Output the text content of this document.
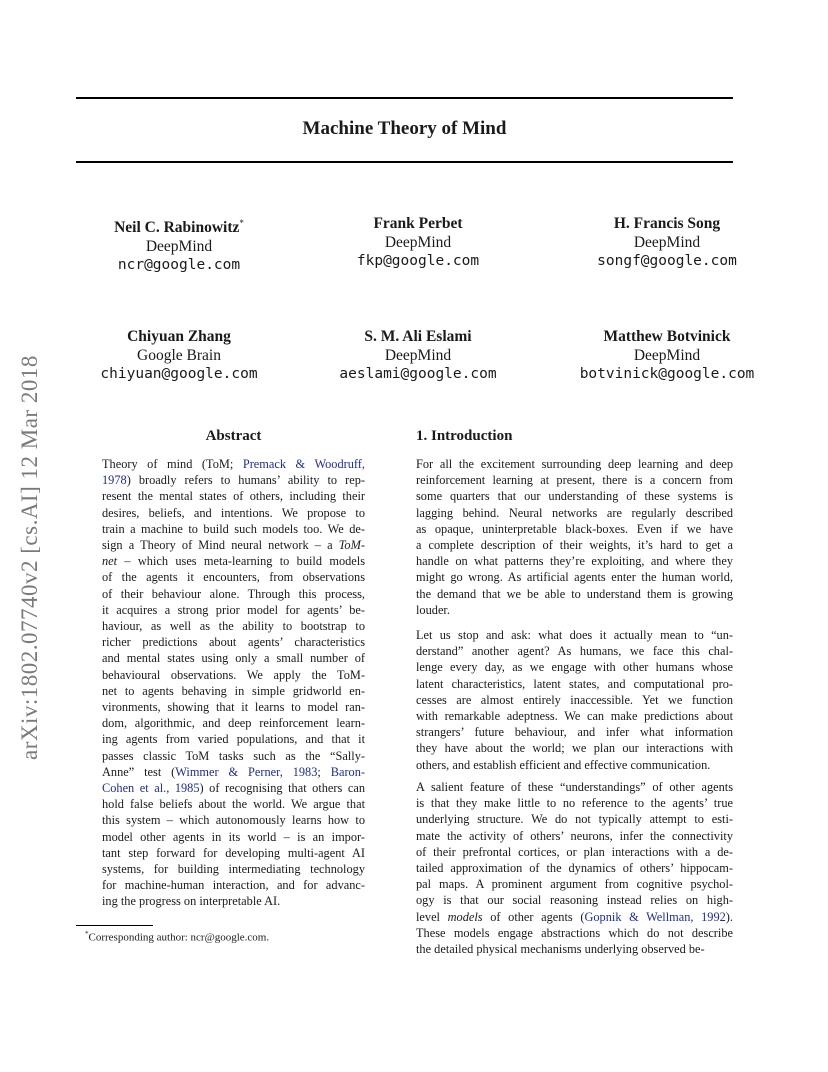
Machine Theory of Mind
arXiv:1802.07740v2 [cs.AI] 12 Mar 2018
Neil C. Rabinowitz*
DeepMind
ncr@google.com
Frank Perbet
DeepMind
fkp@google.com
H. Francis Song
DeepMind
songf@google.com
Chiyuan Zhang
Google Brain
chiyuan@google.com
S. M. Ali Eslami
DeepMind
aeslami@google.com
Matthew Botvinick
DeepMind
botvinick@google.com
Abstract
Theory of mind (ToM; Premack & Woodruff,
1978) broadly refers to humans’ ability to rep-
resent the mental states of others, including their
desires, beliefs, and intentions. We propose to
train a machine to build such models too. We de-
sign a Theory of Mind neural network – a ToM-
net – which uses meta-learning to build models
of the agents it encounters, from observations
of their behaviour alone. Through this process,
it acquires a strong prior model for agents’ be-
haviour, as well as the ability to bootstrap to
richer predictions about agents’ characteristics
and mental states using only a small number of
behavioural observations. We apply the ToM-
net to agents behaving in simple gridworld en-
vironments, showing that it learns to model ran-
dom, algorithmic, and deep reinforcement learn-
ing agents from varied populations, and that it
passes classic ToM tasks such as the “Sally-
Anne” test (Wimmer & Perner, 1983; Baron-
Cohen et al., 1985) of recognising that others can
hold false beliefs about the world. We argue that
this system – which autonomously learns how to
model other agents in its world – is an impor-
tant step forward for developing multi-agent AI
systems, for building intermediating technology
for machine-human interaction, and for advanc-
ing the progress on interpretable AI.
*Corresponding author: ncr@google.com.
1. Introduction
For all the excitement surrounding deep learning and deep
reinforcement learning at present, there is a concern from
some quarters that our understanding of these systems is
lagging behind. Neural networks are regularly described
as opaque, uninterpretable black-boxes. Even if we have
a complete description of their weights, it’s hard to get a
handle on what patterns they’re exploiting, and where they
might go wrong. As artificial agents enter the human world,
the demand that we be able to understand them is growing
louder.
Let us stop and ask: what does it actually mean to “un-
derstand” another agent? As humans, we face this chal-
lenge every day, as we engage with other humans whose
latent characteristics, latent states, and computational pro-
cesses are almost entirely inaccessible. Yet we function
with remarkable adeptness. We can make predictions about
strangers’ future behaviour, and infer what information
they have about the world; we plan our interactions with
others, and establish efficient and effective communication.
A salient feature of these “understandings” of other agents
is that they make little to no reference to the agents’ true
underlying structure. We do not typically attempt to esti-
mate the activity of others’ neurons, infer the connectivity
of their prefrontal cortices, or plan interactions with a de-
tailed approximation of the dynamics of others’ hippocam-
pal maps. A prominent argument from cognitive psychol-
ogy is that our social reasoning instead relies on high-
level models of other agents (Gopnik & Wellman, 1992).
These models engage abstractions which do not describe
the detailed physical mechanisms underlying observed be-
